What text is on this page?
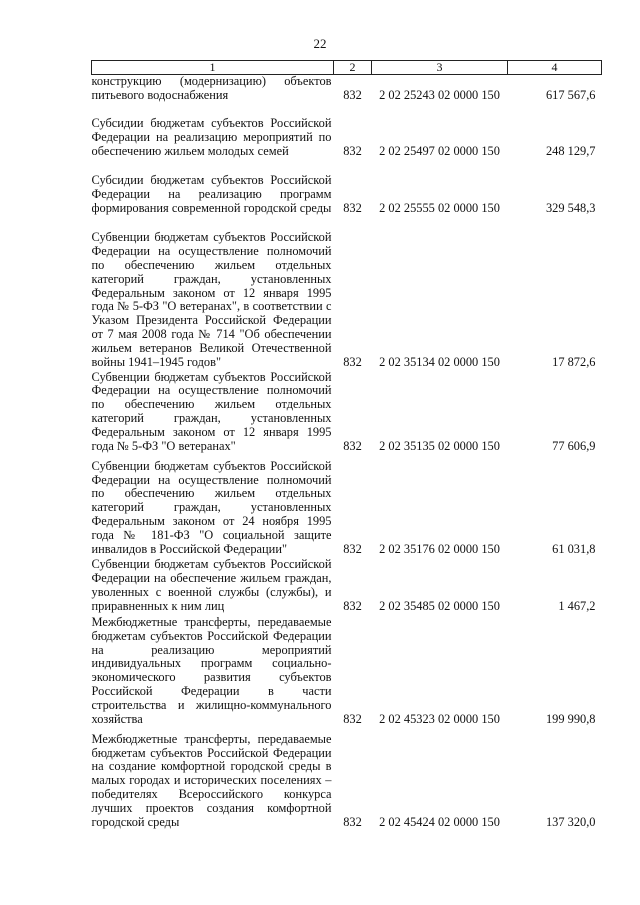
22
1	2	3	4
конструкцию (модернизацию) объектов питьевого водоснабжения	832	2 02 25243 02 0000 150	617 567,6
Субсидии бюджетам субъектов Российской Федерации на реализацию мероприятий по обеспечению жильем молодых семей	832	2 02 25497 02 0000 150	248 129,7
Субсидии бюджетам субъектов Российской Федерации на реализацию программ формирования современной городской среды	832	2 02 25555 02 0000 150	329 548,3
Субвенции бюджетам субъектов Российской Федерации на осуществление полномочий по обеспечению жильем отдельных категорий граждан, установленных Федеральным законом от 12 января 1995 года № 5-ФЗ "О ветеранах", в соответствии с Указом Президента Российской Федерации от 7 мая 2008 года № 714 "Об обеспечении жильем ветеранов Великой Отечественной войны 1941–1945 годов"	832	2 02 35134 02 0000 150	17 872,6
Субвенции бюджетам субъектов Российской Федерации на осуществление полномочий по обеспечению жильем отдельных категорий граждан, установленных Федеральным законом от 12 января 1995 года № 5-ФЗ "О ветеранах"	832	2 02 35135 02 0000 150	77 606,9
Субвенции бюджетам субъектов Российской Федерации на осуществление полномочий по обеспечению жильем отдельных категорий граждан, установленных Федеральным законом от 24 ноября 1995 года № 181-ФЗ "О социальной защите инвалидов в Российской Федерации"	832	2 02 35176 02 0000 150	61 031,8
Субвенции бюджетам субъектов Российской Федерации на обеспечение жильем граждан, уволенных с военной службы (службы), и приравненных к ним лиц	832	2 02 35485 02 0000 150	1 467,2
Межбюджетные трансферты, передаваемые бюджетам субъектов Российской Федерации на реализацию мероприятий индивидуальных программ социально-экономического развития субъектов Российской Федерации в части строительства и жилищно-коммунального хозяйства	832	2 02 45323 02 0000 150	199 990,8
Межбюджетные трансферты, передаваемые бюджетам субъектов Российской Федерации на создание комфортной городской среды в малых городах и исторических поселениях – победителях Всероссийского конкурса лучших проектов создания комфортной городской среды	832	2 02 45424 02 0000 150	137 320,0
